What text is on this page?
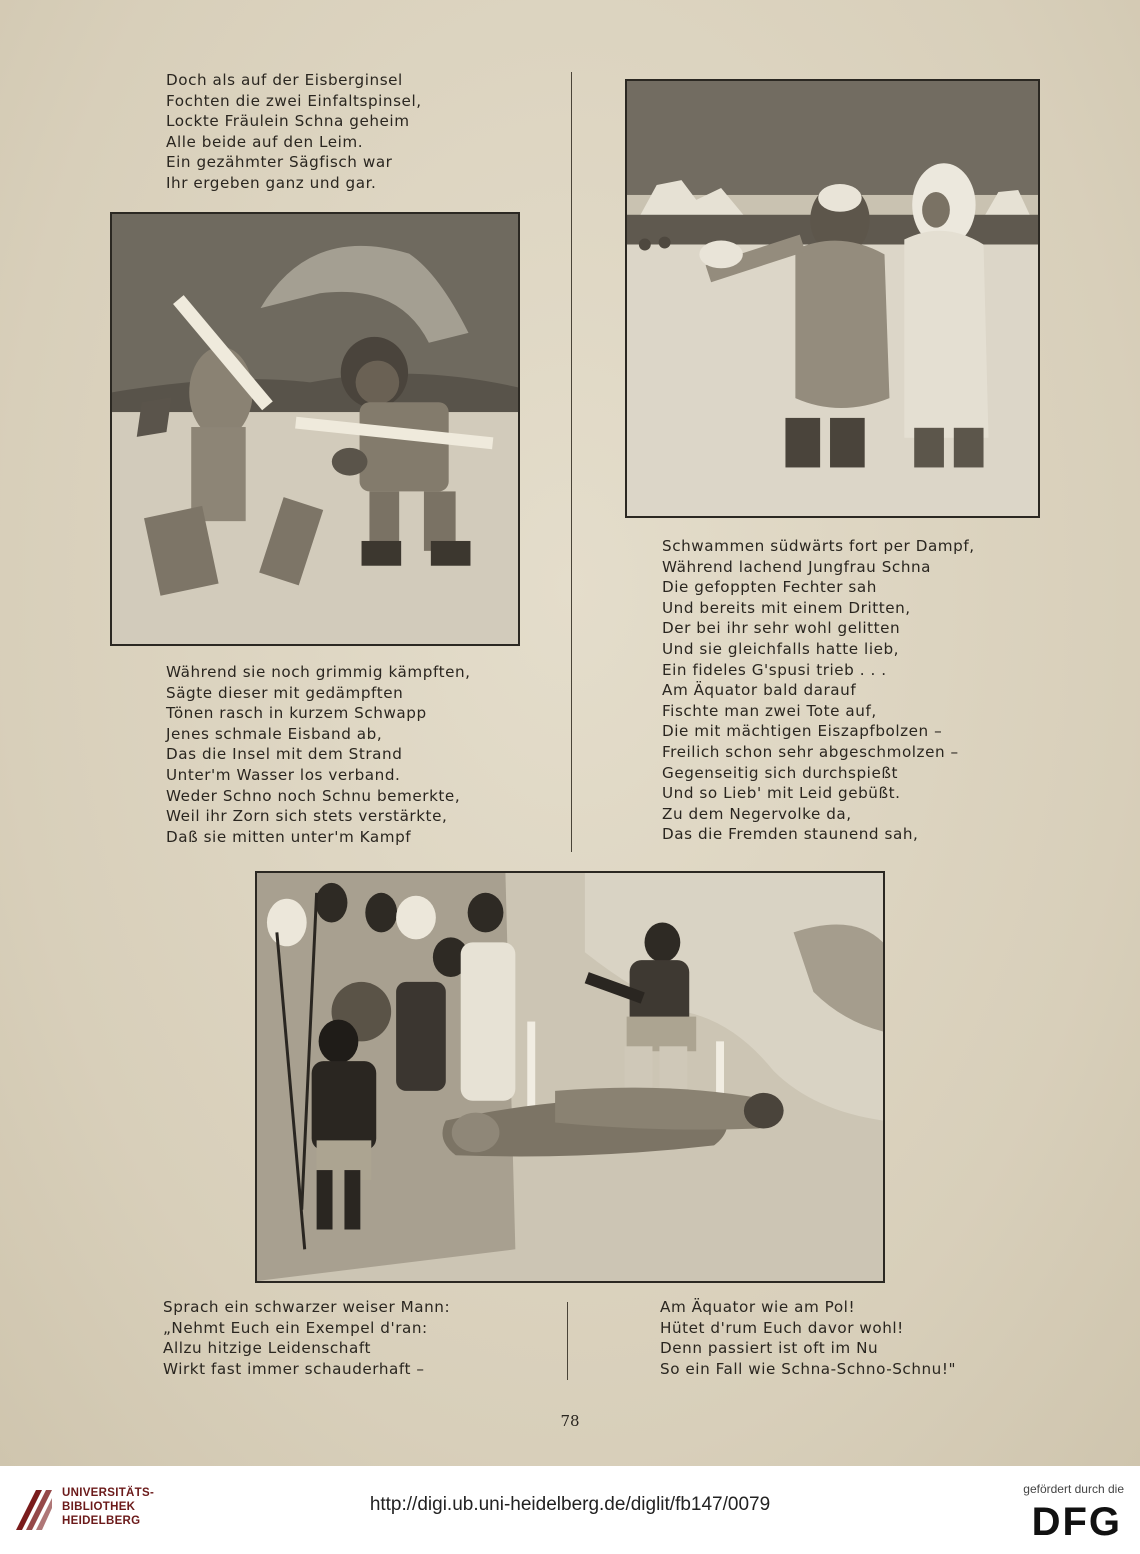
Doch als auf der Eisberginsel
Fochten die zwei Einfaltspinsel,
Lockte Fräulein Schna geheim
Alle beide auf den Leim.
Ein gezähmter Sägfisch war
Ihr ergeben ganz und gar.
Während sie noch grimmig kämpften,
Sägte dieser mit gedämpften
Tönen rasch in kurzem Schwapp
Jenes schmale Eisband ab,
Das die Insel mit dem Strand
Unter'm Wasser los verband.
Weder Schno noch Schnu bemerkte,
Weil ihr Zorn sich stets verstärkte,
Daß sie mitten unter'm Kampf
Schwammen südwärts fort per Dampf,
Während lachend Jungfrau Schna
Die gefoppten Fechter sah
Und bereits mit einem Dritten,
Der bei ihr sehr wohl gelitten
Und sie gleichfalls hatte lieb,
Ein fideles G'spusi trieb . . .
Am Äquator bald darauf
Fischte man zwei Tote auf,
Die mit mächtigen Eiszapfbolzen –
Freilich schon sehr abgeschmolzen –
Gegenseitig sich durchspießt
Und so Lieb' mit Leid gebüßt.
Zu dem Negervolke da,
Das die Fremden staunend sah,
Sprach ein schwarzer weiser Mann:
„Nehmt Euch ein Exempel d'ran:
Allzu hitzige Leidenschaft
Wirkt fast immer schauderhaft –
Am Äquator wie am Pol!
Hütet d'rum Euch davor wohl!
Denn passiert ist oft im Nu
So ein Fall wie Schna-Schno-Schnu!"
78
UNIVERSITÄTS-
BIBLIOTHEK
HEIDELBERG
http://digi.ub.uni-heidelberg.de/diglit/fb147/0079
gefördert durch die
DFG
